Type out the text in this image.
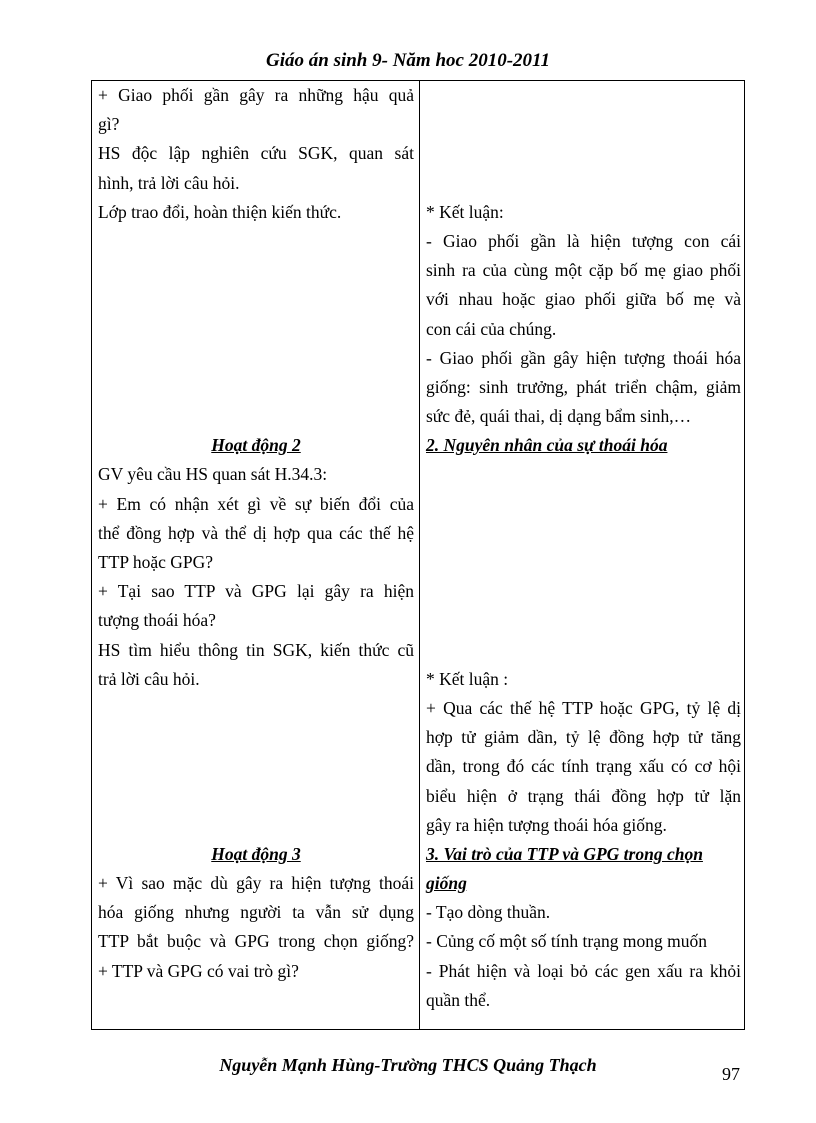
Giáo án sinh 9- Năm hoc 2010-2011
+ Giao phối gần gây ra những hậu quả
gì?
HS độc lập nghiên cứu SGK, quan sát
hình, trả lời câu hỏi.
Lớp trao đổi, hoàn thiện kiến thức.
Hoạt động 2
GV yêu cầu HS quan sát H.34.3:
+ Em có nhận xét gì về sự biến đổi của
thể đồng hợp và thể dị hợp qua các thế hệ
TTP hoặc GPG?
+ Tại sao TTP và GPG lại gây ra hiện
tượng thoái hóa?
HS tìm hiểu thông tin SGK, kiến thức cũ
trả lời câu hỏi.
Hoạt động 3
+ Vì sao mặc dù gây ra hiện tượng thoái
hóa giống nhưng người ta vẫn sử dụng
TTP bắt buộc và GPG trong chọn giống?
+ TTP và GPG có vai trò gì?
* Kết luận:
- Giao phối gần là hiện tượng con cái
sinh ra của cùng một cặp bố mẹ giao phối
với nhau hoặc giao phối giữa bố mẹ và
con cái của chúng.
- Giao phối gần gây hiện tượng thoái hóa
giống: sinh trưởng, phát triển chậm, giảm
sức đẻ, quái thai, dị dạng bẩm sinh,…
2. Nguyên nhân của sự thoái hóa
* Kết luận :
+ Qua các thế hệ TTP hoặc GPG, tỷ lệ dị
hợp tử giảm dần, tỷ lệ đồng hợp tử tăng
dần, trong đó các tính trạng xấu có cơ hội
biểu hiện ở trạng thái đồng hợp tử lặn
gây ra hiện tượng thoái hóa giống.
3. Vai trò của TTP và GPG trong chọn
giống
- Tạo dòng thuần.
- Củng cố một số tính trạng mong muốn
- Phát hiện và loại bỏ các gen xấu ra khỏi
quần thể.
Nguyễn Mạnh Hùng-Trường THCS Quảng Thạch	97
